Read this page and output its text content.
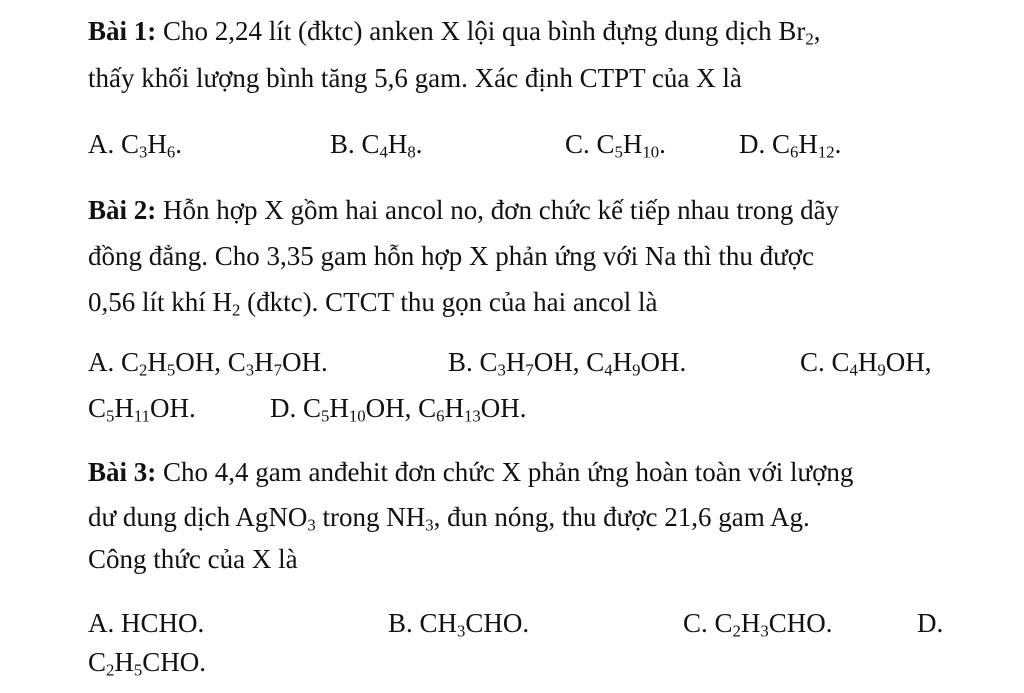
Bài 1: Cho 2,24 lít (đktc) anken X lội qua bình đựng dung dịch $Br_2$,
thấy khối lượng bình tăng 5,6 gam. Xác định CTPT của X là
A. $C_3H_6$.	B. $C_4H_8$.	C. $C_5H_{10}$.	D. $C_6H_{12}$.
Bài 2: Hỗn hợp X gồm hai ancol no, đơn chức kế tiếp nhau trong dãy
đồng đẳng. Cho 3,35 gam hỗn hợp X phản ứng với Na thì thu được
0,56 lít khí $H_2$ (đktc). CTCT thu gọn của hai ancol là
A. $C_2H_5OH$, $C_3H_7OH$.	B. $C_3H_7OH$, $C_4H_9OH$.	C. $C_4H_9OH$,
$C_5H_{11}OH$.	D. $C_5H_{10}OH$, $C_6H_{13}OH$.
Bài 3: Cho 4,4 gam anđehit đơn chức X phản ứng hoàn toàn với lượng
dư dung dịch AgNO$_3$ trong $NH_3$, đun nóng, thu được 21,6 gam Ag.
Công thức của X là
A. HCHO.	B. $CH_3CHO$.	C. $C_2H_3CHO$.	D.
$C_2H_5CHO$.
